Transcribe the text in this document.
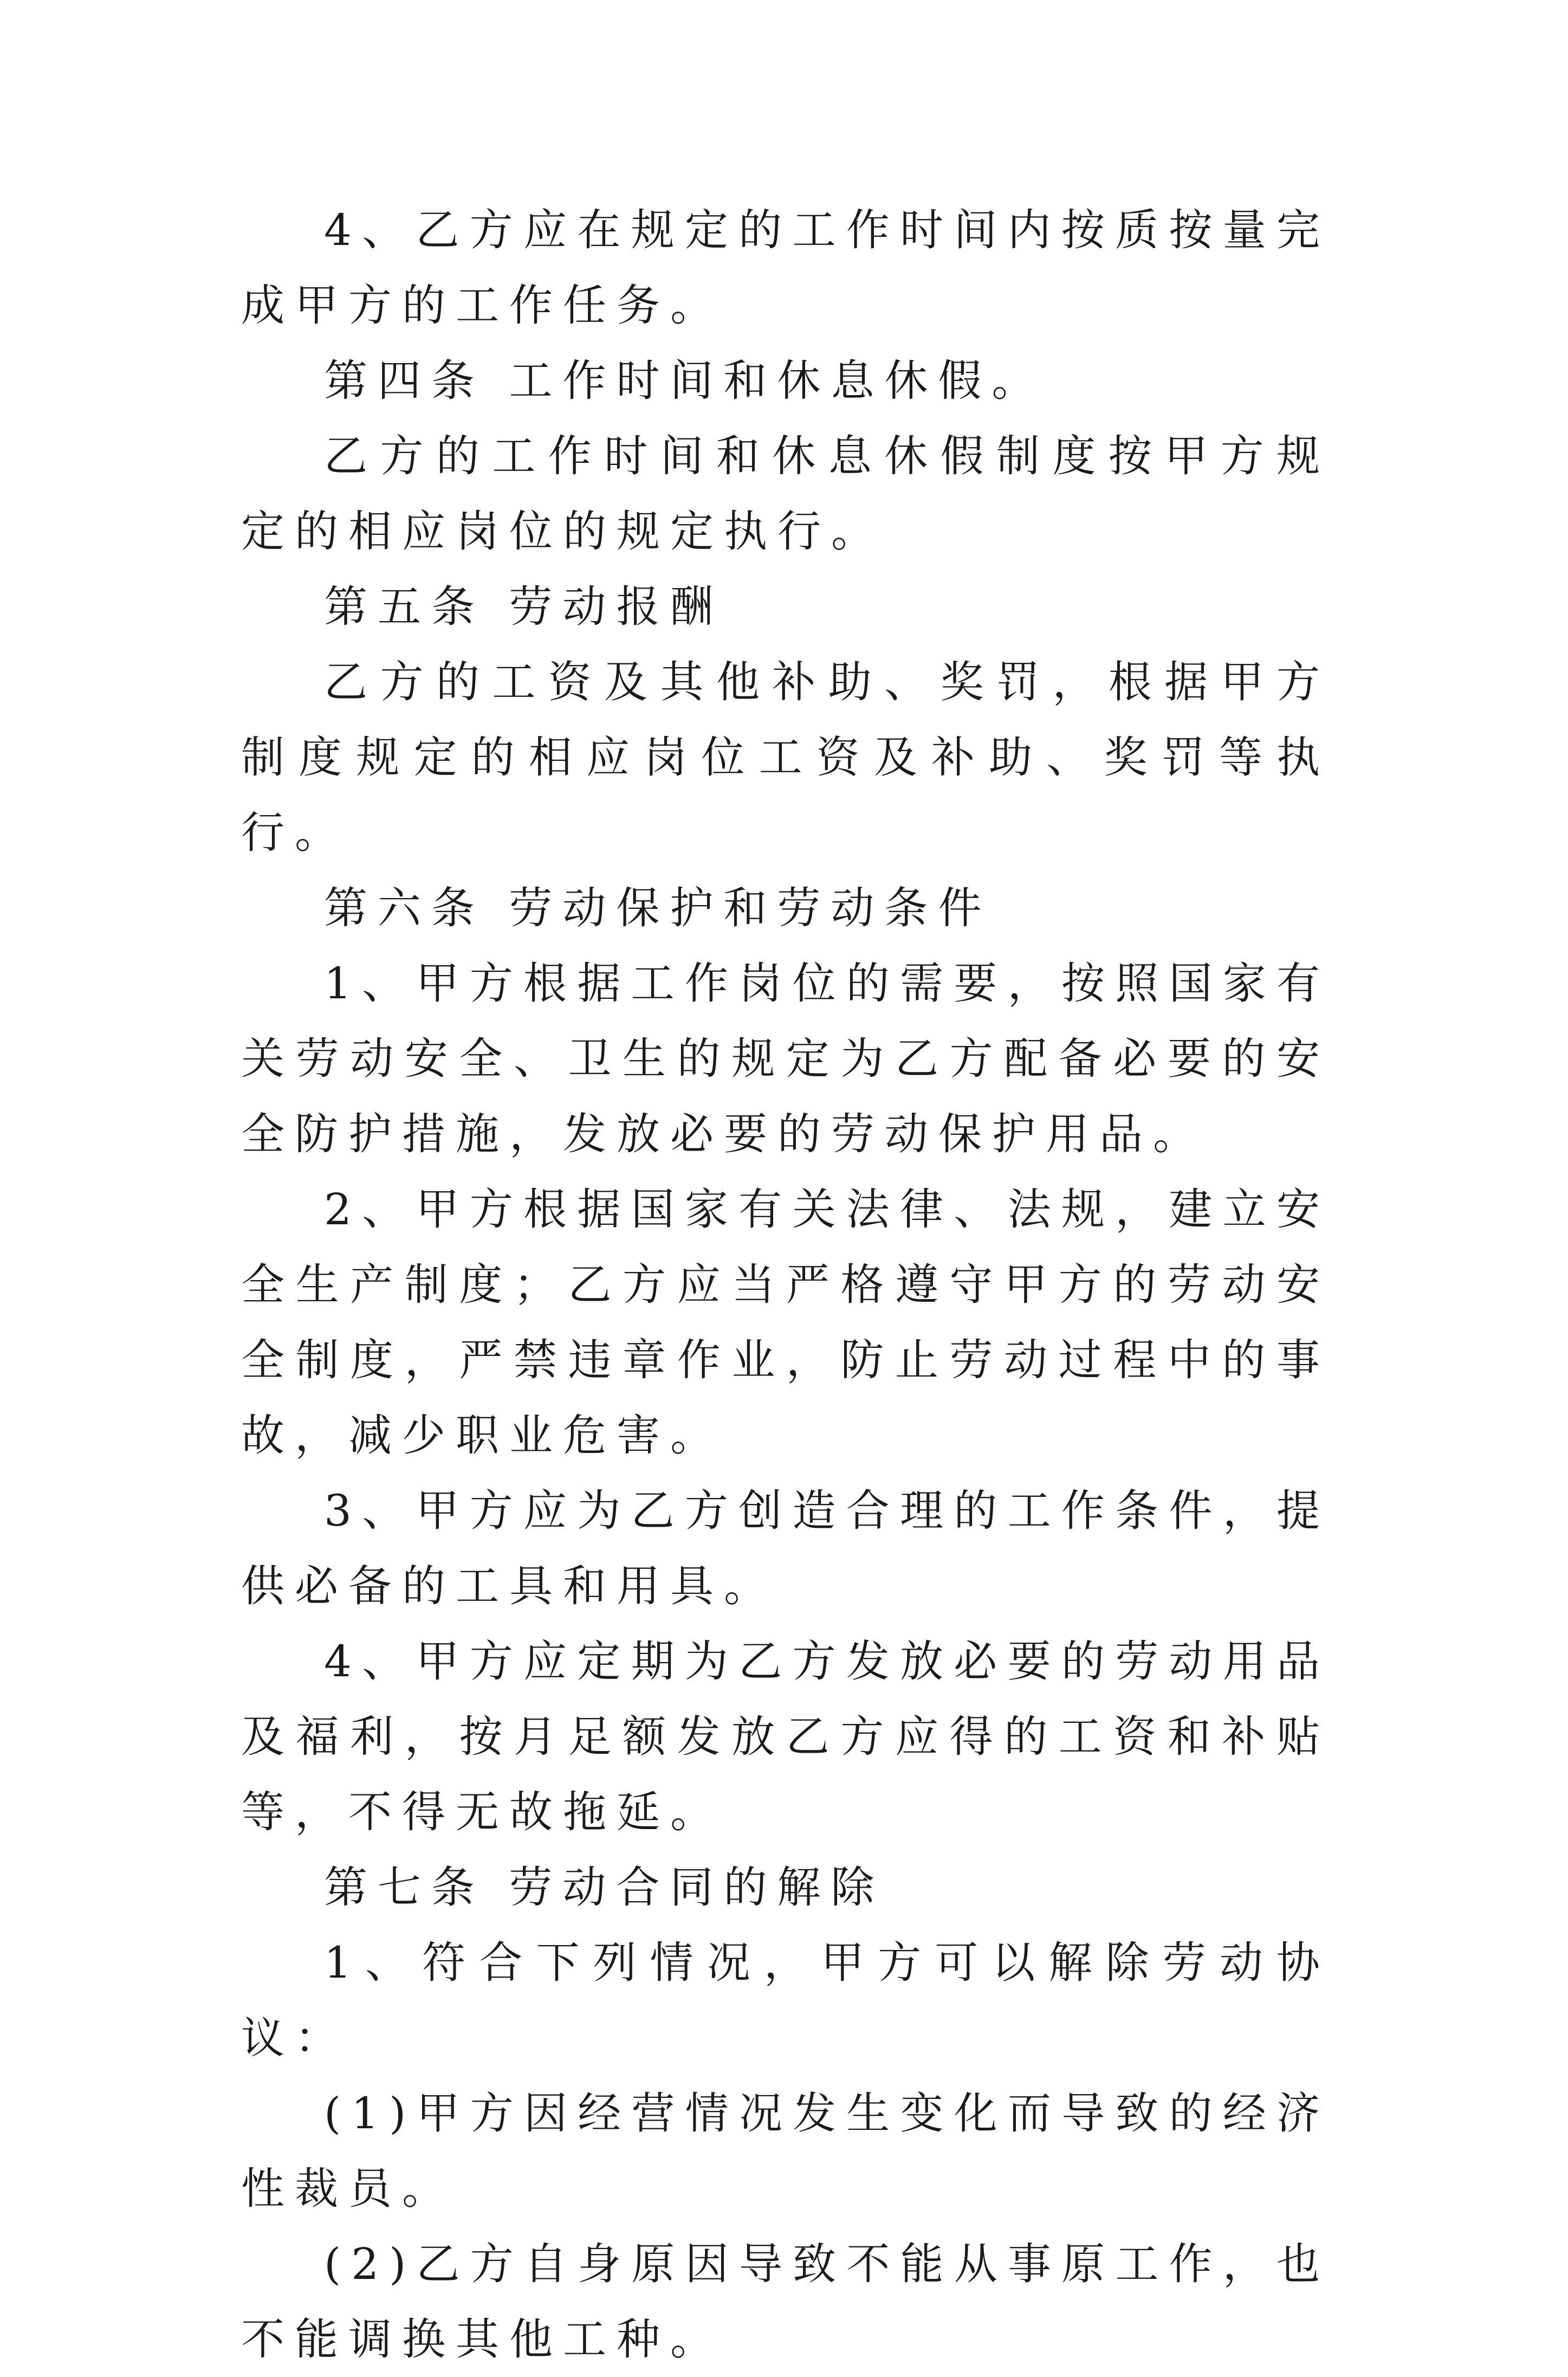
4、乙方应在规定的工作时间内按质按量完成甲方的工作任务。

第四条 工作时间和休息休假。

乙方的工作时间和休息休假制度按甲方规定的相应岗位的规定执行。

第五条 劳动报酬

乙方的工资及其他补助、奖罚，根据甲方制度规定的相应岗位工资及补助、奖罚等执行。

第六条 劳动保护和劳动条件

1、甲方根据工作岗位的需要，按照国家有关劳动安全、卫生的规定为乙方配备必要的安全防护措施，发放必要的劳动保护用品。

2、甲方根据国家有关法律、法规，建立安全生产制度；乙方应当严格遵守甲方的劳动安全制度，严禁违章作业，防止劳动过程中的事故，减少职业危害。

3、甲方应为乙方创造合理的工作条件，提供必备的工具和用具。

4、甲方应定期为乙方发放必要的劳动用品及福利，按月足额发放乙方应得的工资和补贴等，不得无故拖延。

第七条 劳动合同的解除

1、符合下列情况，甲方可以解除劳动协议：

(1)甲方因经营情况发生变化而导致的经济性裁员。

(2)乙方自身原因导致不能从事原工作，也不能调换其他工种。
